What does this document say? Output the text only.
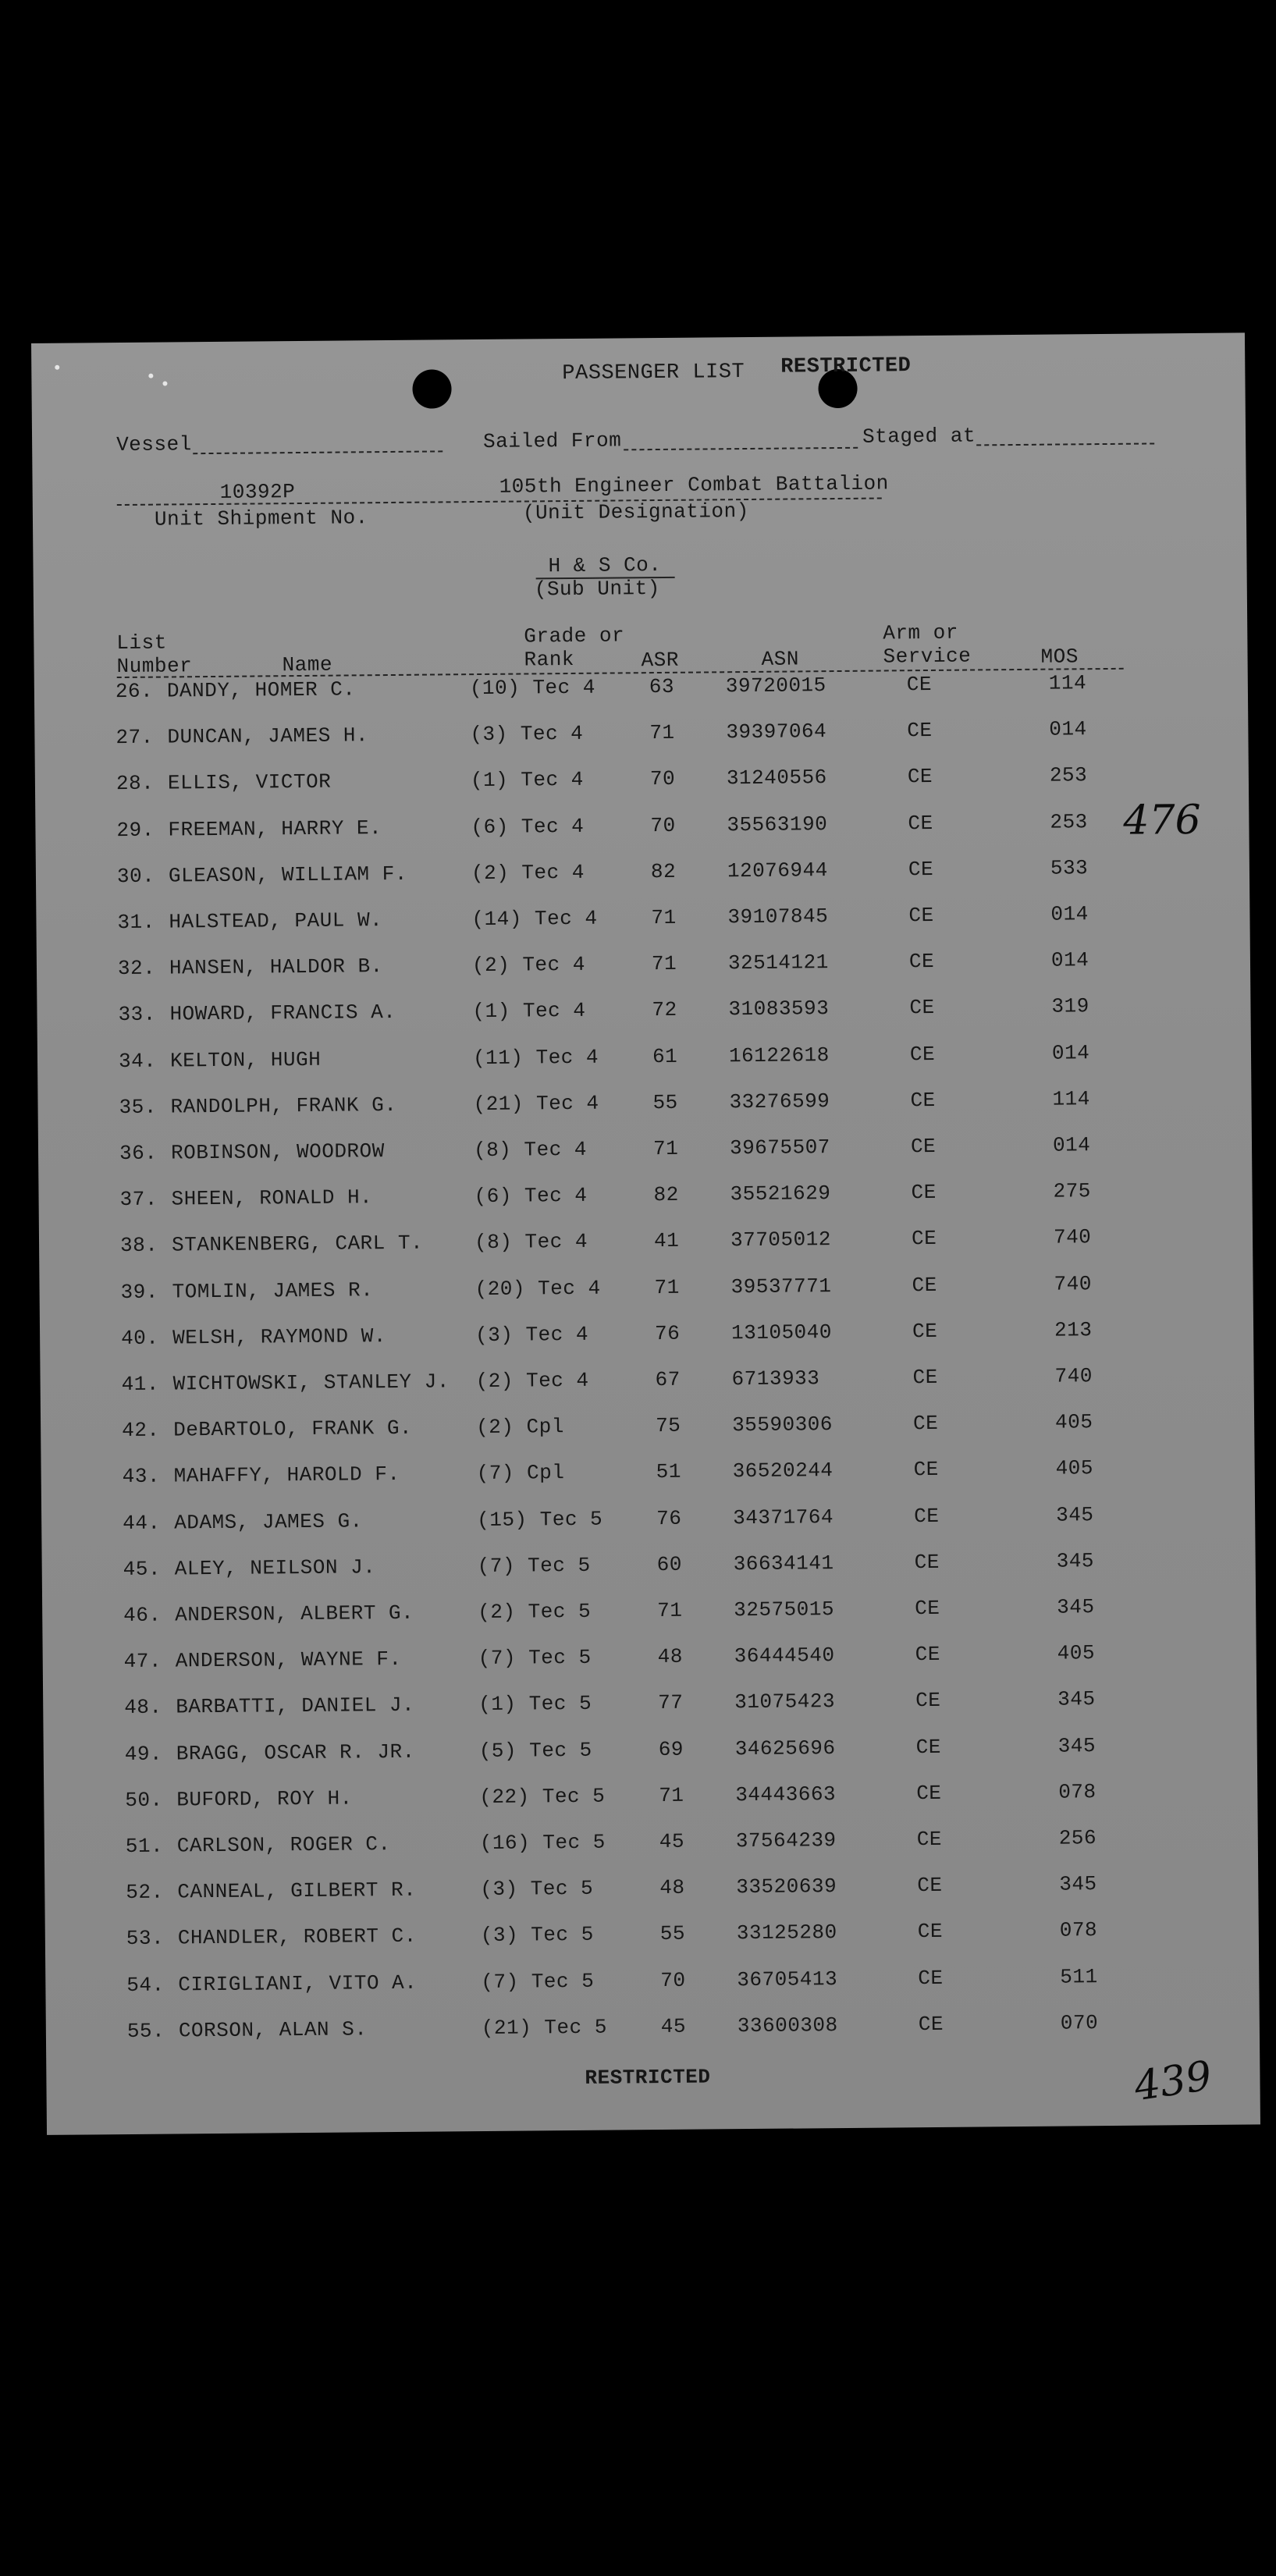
PASSENGER LIST RESTRICTED
Vessel	Sailed From	Staged at
10392P	105th Engineer Combat Battalion
Unit Shipment No.	(Unit Designation)
H & S Co.
(Sub Unit)
List
Number	Name
Grade or
Rank	ASR	ASN
Arm or
Service	MOS
26. DANDY, HOMER C.	(10) Tec 4	63	39720015	CE	114
27. DUNCAN, JAMES H.	(3) Tec 4	71	39397064	CE	014
28. ELLIS, VICTOR	(1) Tec 4	70	31240556	CE	253
29. FREEMAN, HARRY E.	(6) Tec 4	70	35563190	CE	253
30. GLEASON, WILLIAM F.	(2) Tec 4	82	12076944	CE	533
31. HALSTEAD, PAUL W.	(14) Tec 4	71	39107845	CE	014
32. HANSEN, HALDOR B.	(2) Tec 4	71	32514121	CE	014
33. HOWARD, FRANCIS A.	(1) Tec 4	72	31083593	CE	319
34. KELTON, HUGH	(11) Tec 4	61	16122618	CE	014
35. RANDOLPH, FRANK G.	(21) Tec 4	55	33276599	CE	114
36. ROBINSON, WOODROW	(8) Tec 4	71	39675507	CE	014
37. SHEEN, RONALD H.	(6) Tec 4	82	35521629	CE	275
38. STANKENBERG, CARL T.	(8) Tec 4	41	37705012	CE	740
39. TOMLIN, JAMES R.	(20) Tec 4	71	39537771	CE	740
40. WELSH, RAYMOND W.	(3) Tec 4	76	13105040	CE	213
41. WICHTOWSKI, STANLEY J. (2) Tec 4	67	6713933	CE	740
42. DeBARTOLO, FRANK G.	(2) Cpl	75	35590306	CE	405
43. MAHAFFY, HAROLD F.	(7) Cpl	51	36520244	CE	405
44. ADAMS, JAMES G.	(15) Tec 5	76	34371764	CE	345
45. ALEY, NEILSON J.	(7) Tec 5	60	36634141	CE	345
46. ANDERSON, ALBERT G.	(2) Tec 5	71	32575015	CE	345
47. ANDERSON, WAYNE F.	(7) Tec 5	48	36444540	CE	405
48. BARBATTI, DANIEL J.	(1) Tec 5	77	31075423	CE	345
49. BRAGG, OSCAR R. JR.	(5) Tec 5	69	34625696	CE	345
50. BUFORD, ROY H.	(22) Tec 5	71	34443663	CE	078
51. CARLSON, ROGER C.	(16) Tec 5	45	37564239	CE	256
52. CANNEAL, GILBERT R.	(3) Tec 5	48	33520639	CE	345
53. CHANDLER, ROBERT C.	(3) Tec 5	55	33125280	CE	078
54. CIRIGLIANI, VITO A.	(7) Tec 5	70	36705413	CE	511
55. CORSON, ALAN S.	(21) Tec 5	45	33600308	CE	070
RESTRICTED
476
439
